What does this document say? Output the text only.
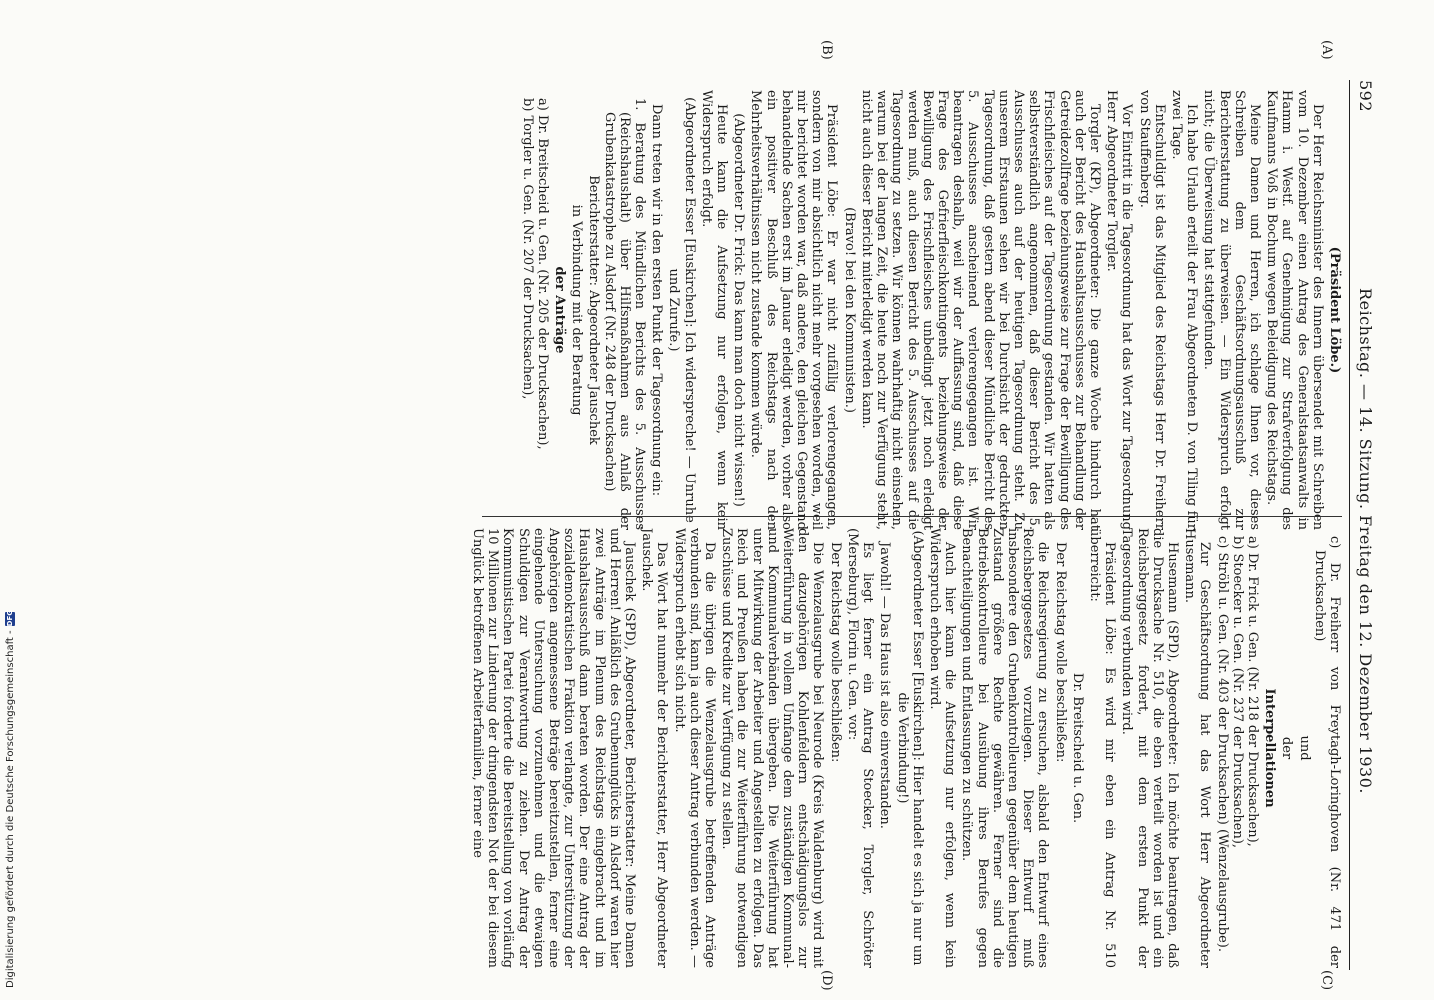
592
Reichstag. — 14. Sitzung. Freitag den 12. Dezember 1930.
(A)
(B)
(C)
(D)

(Präsident Löbe.)

Der Herr Reichsminister des Innern übersendet mit Schreiben vom 10. Dezember einen Antrag des Generalstaatsanwalts in Hamm i. Westf. auf Genehmigung zur Strafverfolgung des Kaufmanns Voß in Bochum wegen Beleidigung des Reichstags.

Meine Damen und Herren, ich schlage Ihnen vor, dieses Schreiben dem Geschäftsordnungsausschuß zur Berichterstattung zu überweisen. — Ein Widerspruch erfolgt nicht; die Überweisung hat stattgefunden.

Ich habe Urlaub erteilt der Frau Abgeordneten D. von Tiling für zwei Tage.

Entschuldigt ist das Mitglied des Reichstags Herr Dr. Freiherr von Stauffenberg.

Vor Eintritt in die Tagesordnung hat das Wort zur Tagesordnung Herr Abgeordneter Torgler.

Torgler (KP), Abgeordneter: Die ganze Woche hindurch hat auch der Bericht des Haushaltsausschusses zur Behandlung der Getreidezollfrage beziehungsweise zur Frage der Bewilligung des Frischfleisches auf der Tagesordnung gestanden. Wir hatten als selbstverständlich angenommen, daß dieser Bericht des 5. Ausschusses auch auf der heutigen Tagesordnung steht. Zu unserem Erstaunen sehen wir bei Durchsicht der gedruckten Tagesordnung, daß gestern abend dieser Mündliche Bericht des 5. Ausschusses anscheinend verlorengegangen ist. Wir beantragen deshalb, weil wir der Auffassung sind, daß diese Frage des Gefrierfleischkontingents beziehungsweise der Bewilligung des Frischfleisches unbedingt jetzt noch erledigt werden muß, auch diesen Bericht des 5. Ausschusses auf die Tagesordnung zu setzen. Wir können wahrhaftig nicht einsehen, warum bei der langen Zeit, die heute noch zur Verfügung steht, nicht auch dieser Bericht miterledigt werden kann.

(Bravo! bei den Kommunisten.)

Präsident Löbe: Er war nicht zufällig verlorengegangen, sondern von mir absichtlich nicht mehr vorgesehen worden, weil mir berichtet worden war, daß andere, den gleichen Gegenstand behandelnde Sachen erst im Januar erledigt werden, vorher also ein positiver Beschluß des Reichstags nach den Mehrheitsverhältnissen nicht zustande kommen würde.

(Abgeordneter Dr. Frick: Das kann man doch nicht wissen!)

Heute kann die Aufsetzung nur erfolgen, wenn kein Widerspruch erfolgt.

(Abgeordneter Esser [Euskirchen]: Ich widerspreche! — Unruhe und Zurufe.)

Dann treten wir in den ersten Punkt der Tagesordnung ein:

1. Beratung des Mündlichen Berichts des 5. Ausschusses (Reichshaushalt) über Hilfsmaßnahmen aus Anlaß der Grubenkatastrophe zu Alsdorf (Nr. 248 der Drucksachen)

Berichterstatter: Abgeordneter Jauschek

in Verbindung mit der Beratung

der Anträge

a) Dr. Breitscheid u. Gen. (Nr. 205 der Drucksachen),
b) Torgler u. Gen. (Nr. 207 der Drucksachen),
c) Dr. Freiherr von Freytagh-Loringhoven (Nr. 471 der Drucksachen)

und

der

Interpellationen

a) Dr. Frick u. Gen. (Nr. 218 der Drucksachen),
b) Stoecker u. Gen. (Nr. 237 der Drucksachen),
c) Ströbl u. Gen. (Nr. 403 der Drucksachen) (Wenzelausgrube).

Zur Geschäftsordnung hat das Wort Herr Abgeordneter Husemann.

Husemann (SPD), Abgeordneter: Ich möchte beantragen, daß die Drucksache Nr. 510, die eben verteilt worden ist und ein Reichsberggesetz fordert, mit dem ersten Punkt der Tagesordnung verbunden wird.

Präsident Löbe: Es wird mir eben ein Antrag Nr. 510 überreicht:

Dr. Breitscheid u. Gen.

Der Reichstag wolle beschließen:

die Reichsregierung zu ersuchen, alsbald den Entwurf eines Reichsberggesetzes vorzulegen. Dieser Entwurf muß insbesondere den Grubenkontrolleuren gegenüber dem heutigen Zustand größere Rechte gewähren. Ferner sind die Betriebskontrolleure bei Ausübung ihres Berufes gegen Benachteiligungen und Entlassungen zu schützen.

Auch hier kann die Aufsetzung nur erfolgen, wenn kein Widerspruch erhoben wird.

(Abgeordneter Esser [Euskirchen]: Hier handelt es sich ja nur um die Verbindung!)

Jawohl! — Das Haus ist also einverstanden.

Es liegt ferner ein Antrag Stoecker, Torgler, Schröter (Merseburg), Florin u. Gen. vor:

Der Reichstag wolle beschließen:

Die Wenzelausgrube bei Neurode (Kreis Waldenburg) wird mit den dazugehörigen Kohlenfeldern entschädigungslos zur Weiterführung in vollem Umfange dem zuständigen Kommunal- und Kommunalverbänden übergeben. Die Weiterführung hat unter Mitwirkung der Arbeiter und Angestellten zu erfolgen. Das Reich und Preußen haben die zur Weiterführung notwendigen Zuschüsse und Kredite zur Verfügung zu stellen.

Da die übrigen die Wenzelausgrube betreffenden Anträge verbunden sind, kann ja auch dieser Antrag verbunden werden. — Widerspruch erhebt sich nicht.

Das Wort hat nunmehr der Berichterstatter, Herr Abgeordneter Jauschek.

Jauschek (SPD), Abgeordneter, Berichterstatter: Meine Damen und Herren! Anläßlich des Grubenunglücks in Alsdorf waren hier zwei Anträge im Plenum des Reichstags eingebracht und im Haushaltsausschuß dann beraten worden. Der eine Antrag der sozialdemokratischen Fraktion verlangte, zur Unterstützung der Angehörigen angemessene Beträge bereitzustellen, ferner eine eingehende Untersuchung vorzunehmen und die etwaigen Schuldigen zur Verantwortung zu ziehen. Der Antrag der Kommunistischen Partei forderte die Bereitstellung von vorläufig 10 Millionen zur Linderung der dringendsten Not der bei diesem Unglück betroffenen Arbeiterfamilien, ferner eine

Digitalisierung gefördert durch die Deutsche Forschungsgemeinschaft -
DFG
